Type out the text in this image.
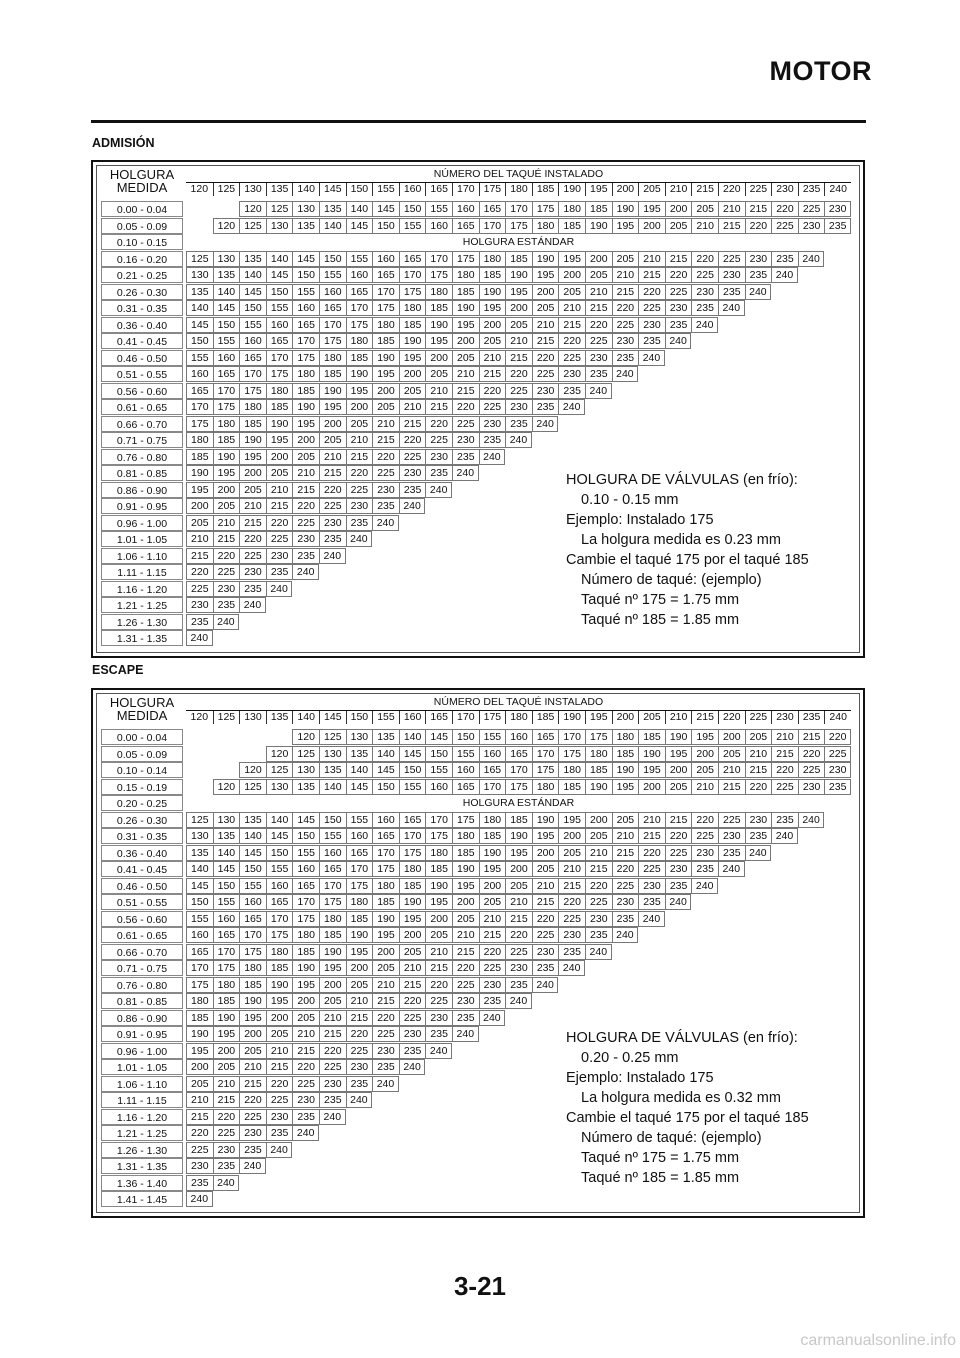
MOTOR
ADMISIÓN
ESCAPE
3-21
carmanualsonline.info
HOLGURA
MEDIDA
NÚMERO DEL TAQUÉ INSTALADO
120 125 130 135 140 145 150 155 160 165 170 175 180 185 190 195 200 205 210 215 220 225 230 235 240
0.00 - 0.04	120 125 130 135 140 145 150 155 160 165 170 175 180 185 190 195 200 205 210 215 220 225 230
0.05 - 0.09	120 125 130 135 140 145 150 155 160 165 170 175 180 185 190 195 200 205 210 215 220 225 230 235
0.10 - 0.15	HOLGURA ESTÁNDAR
0.16 - 0.20	125 130 135 140 145 150 155 160 165 170 175 180 185 190 195 200 205 210 215 220 225 230 235 240
0.21 - 0.25	130 135 140 145 150 155 160 165 170 175 180 185 190 195 200 205 210 215 220 225 230 235 240
0.26 - 0.30	135 140 145 150 155 160 165 170 175 180 185 190 195 200 205 210 215 220 225 230 235 240
0.31 - 0.35	140 145 150 155 160 165 170 175 180 185 190 195 200 205 210 215 220 225 230 235 240
0.36 - 0.40	145 150 155 160 165 170 175 180 185 190 195 200 205 210 215 220 225 230 235 240
0.41 - 0.45	150 155 160 165 170 175 180 185 190 195 200 205 210 215 220 225 230 235 240
0.46 - 0.50	155 160 165 170 175 180 185 190 195 200 205 210 215 220 225 230 235 240
0.51 - 0.55	160 165 170 175 180 185 190 195 200 205 210 215 220 225 230 235 240
0.56 - 0.60	165 170 175 180 185 190 195 200 205 210 215 220 225 230 235 240
0.61 - 0.65	170 175 180 185 190 195 200 205 210 215 220 225 230 235 240
0.66 - 0.70	175 180 185 190 195 200 205 210 215 220 225 230 235 240
0.71 - 0.75	180 185 190 195 200 205 210 215 220 225 230 235 240
0.76 - 0.80	185 190 195 200 205 210 215 220 225 230 235 240
0.81 - 0.85	190 195 200 205 210 215 220 225 230 235 240
0.86 - 0.90	195 200 205 210 215 220 225 230 235 240
0.91 - 0.95	200 205 210 215 220 225 230 235 240
0.96 - 1.00	205 210 215 220 225 230 235 240
1.01 - 1.05	210 215 220 225 230 235 240
1.06 - 1.10	215 220 225 230 235 240
1.11 - 1.15	220 225 230 235 240
1.16 - 1.20	225 230 235 240
1.21 - 1.25	230 235 240
1.26 - 1.30	235 240
1.31 - 1.35	240
HOLGURA DE VÁLVULAS (en frío):
0.10 - 0.15 mm
Ejemplo: Instalado 175
La holgura medida es 0.23 mm
Cambie el taqué 175 por el taqué 185
Número de taqué: (ejemplo)
Taqué nº 175 = 1.75 mm
Taqué nº 185 = 1.85 mm
HOLGURA
MEDIDA
NÚMERO DEL TAQUÉ INSTALADO
120 125 130 135 140 145 150 155 160 165 170 175 180 185 190 195 200 205 210 215 220 225 230 235 240
0.00 - 0.04	120 125 130 135 140 145 150 155 160 165 170 175 180 185 190 195 200 205 210 215 220
0.05 - 0.09	120 125 130 135 140 145 150 155 160 165 170 175 180 185 190 195 200 205 210 215 220 225
0.10 - 0.14	120 125 130 135 140 145 150 155 160 165 170 175 180 185 190 195 200 205 210 215 220 225 230
0.15 - 0.19	120 125 130 135 140 145 150 155 160 165 170 175 180 185 190 195 200 205 210 215 220 225 230 235
0.20 - 0.25	HOLGURA ESTÁNDAR
0.26 - 0.30	125 130 135 140 145 150 155 160 165 170 175 180 185 190 195 200 205 210 215 220 225 230 235 240
0.31 - 0.35	130 135 140 145 150 155 160 165 170 175 180 185 190 195 200 205 210 215 220 225 230 235 240
0.36 - 0.40	135 140 145 150 155 160 165 170 175 180 185 190 195 200 205 210 215 220 225 230 235 240
0.41 - 0.45	140 145 150 155 160 165 170 175 180 185 190 195 200 205 210 215 220 225 230 235 240
0.46 - 0.50	145 150 155 160 165 170 175 180 185 190 195 200 205 210 215 220 225 230 235 240
0.51 - 0.55	150 155 160 165 170 175 180 185 190 195 200 205 210 215 220 225 230 235 240
0.56 - 0.60	155 160 165 170 175 180 185 190 195 200 205 210 215 220 225 230 235 240
0.61 - 0.65	160 165 170 175 180 185 190 195 200 205 210 215 220 225 230 235 240
0.66 - 0.70	165 170 175 180 185 190 195 200 205 210 215 220 225 230 235 240
0.71 - 0.75	170 175 180 185 190 195 200 205 210 215 220 225 230 235 240
0.76 - 0.80	175 180 185 190 195 200 205 210 215 220 225 230 235 240
0.81 - 0.85	180 185 190 195 200 205 210 215 220 225 230 235 240
0.86 - 0.90	185 190 195 200 205 210 215 220 225 230 235 240
0.91 - 0.95	190 195 200 205 210 215 220 225 230 235 240
0.96 - 1.00	195 200 205 210 215 220 225 230 235 240
1.01 - 1.05	200 205 210 215 220 225 230 235 240
1.06 - 1.10	205 210 215 220 225 230 235 240
1.11 - 1.15	210 215 220 225 230 235 240
1.16 - 1.20	215 220 225 230 235 240
1.21 - 1.25	220 225 230 235 240
1.26 - 1.30	225 230 235 240
1.31 - 1.35	230 235 240
1.36 - 1.40	235 240
1.41 - 1.45	240
HOLGURA DE VÁLVULAS (en frío):
0.20 - 0.25 mm
Ejemplo: Instalado 175
La holgura medida es 0.32 mm
Cambie el taqué 175 por el taqué 185
Número de taqué: (ejemplo)
Taqué nº 175 = 1.75 mm
Taqué nº 185 = 1.85 mm
